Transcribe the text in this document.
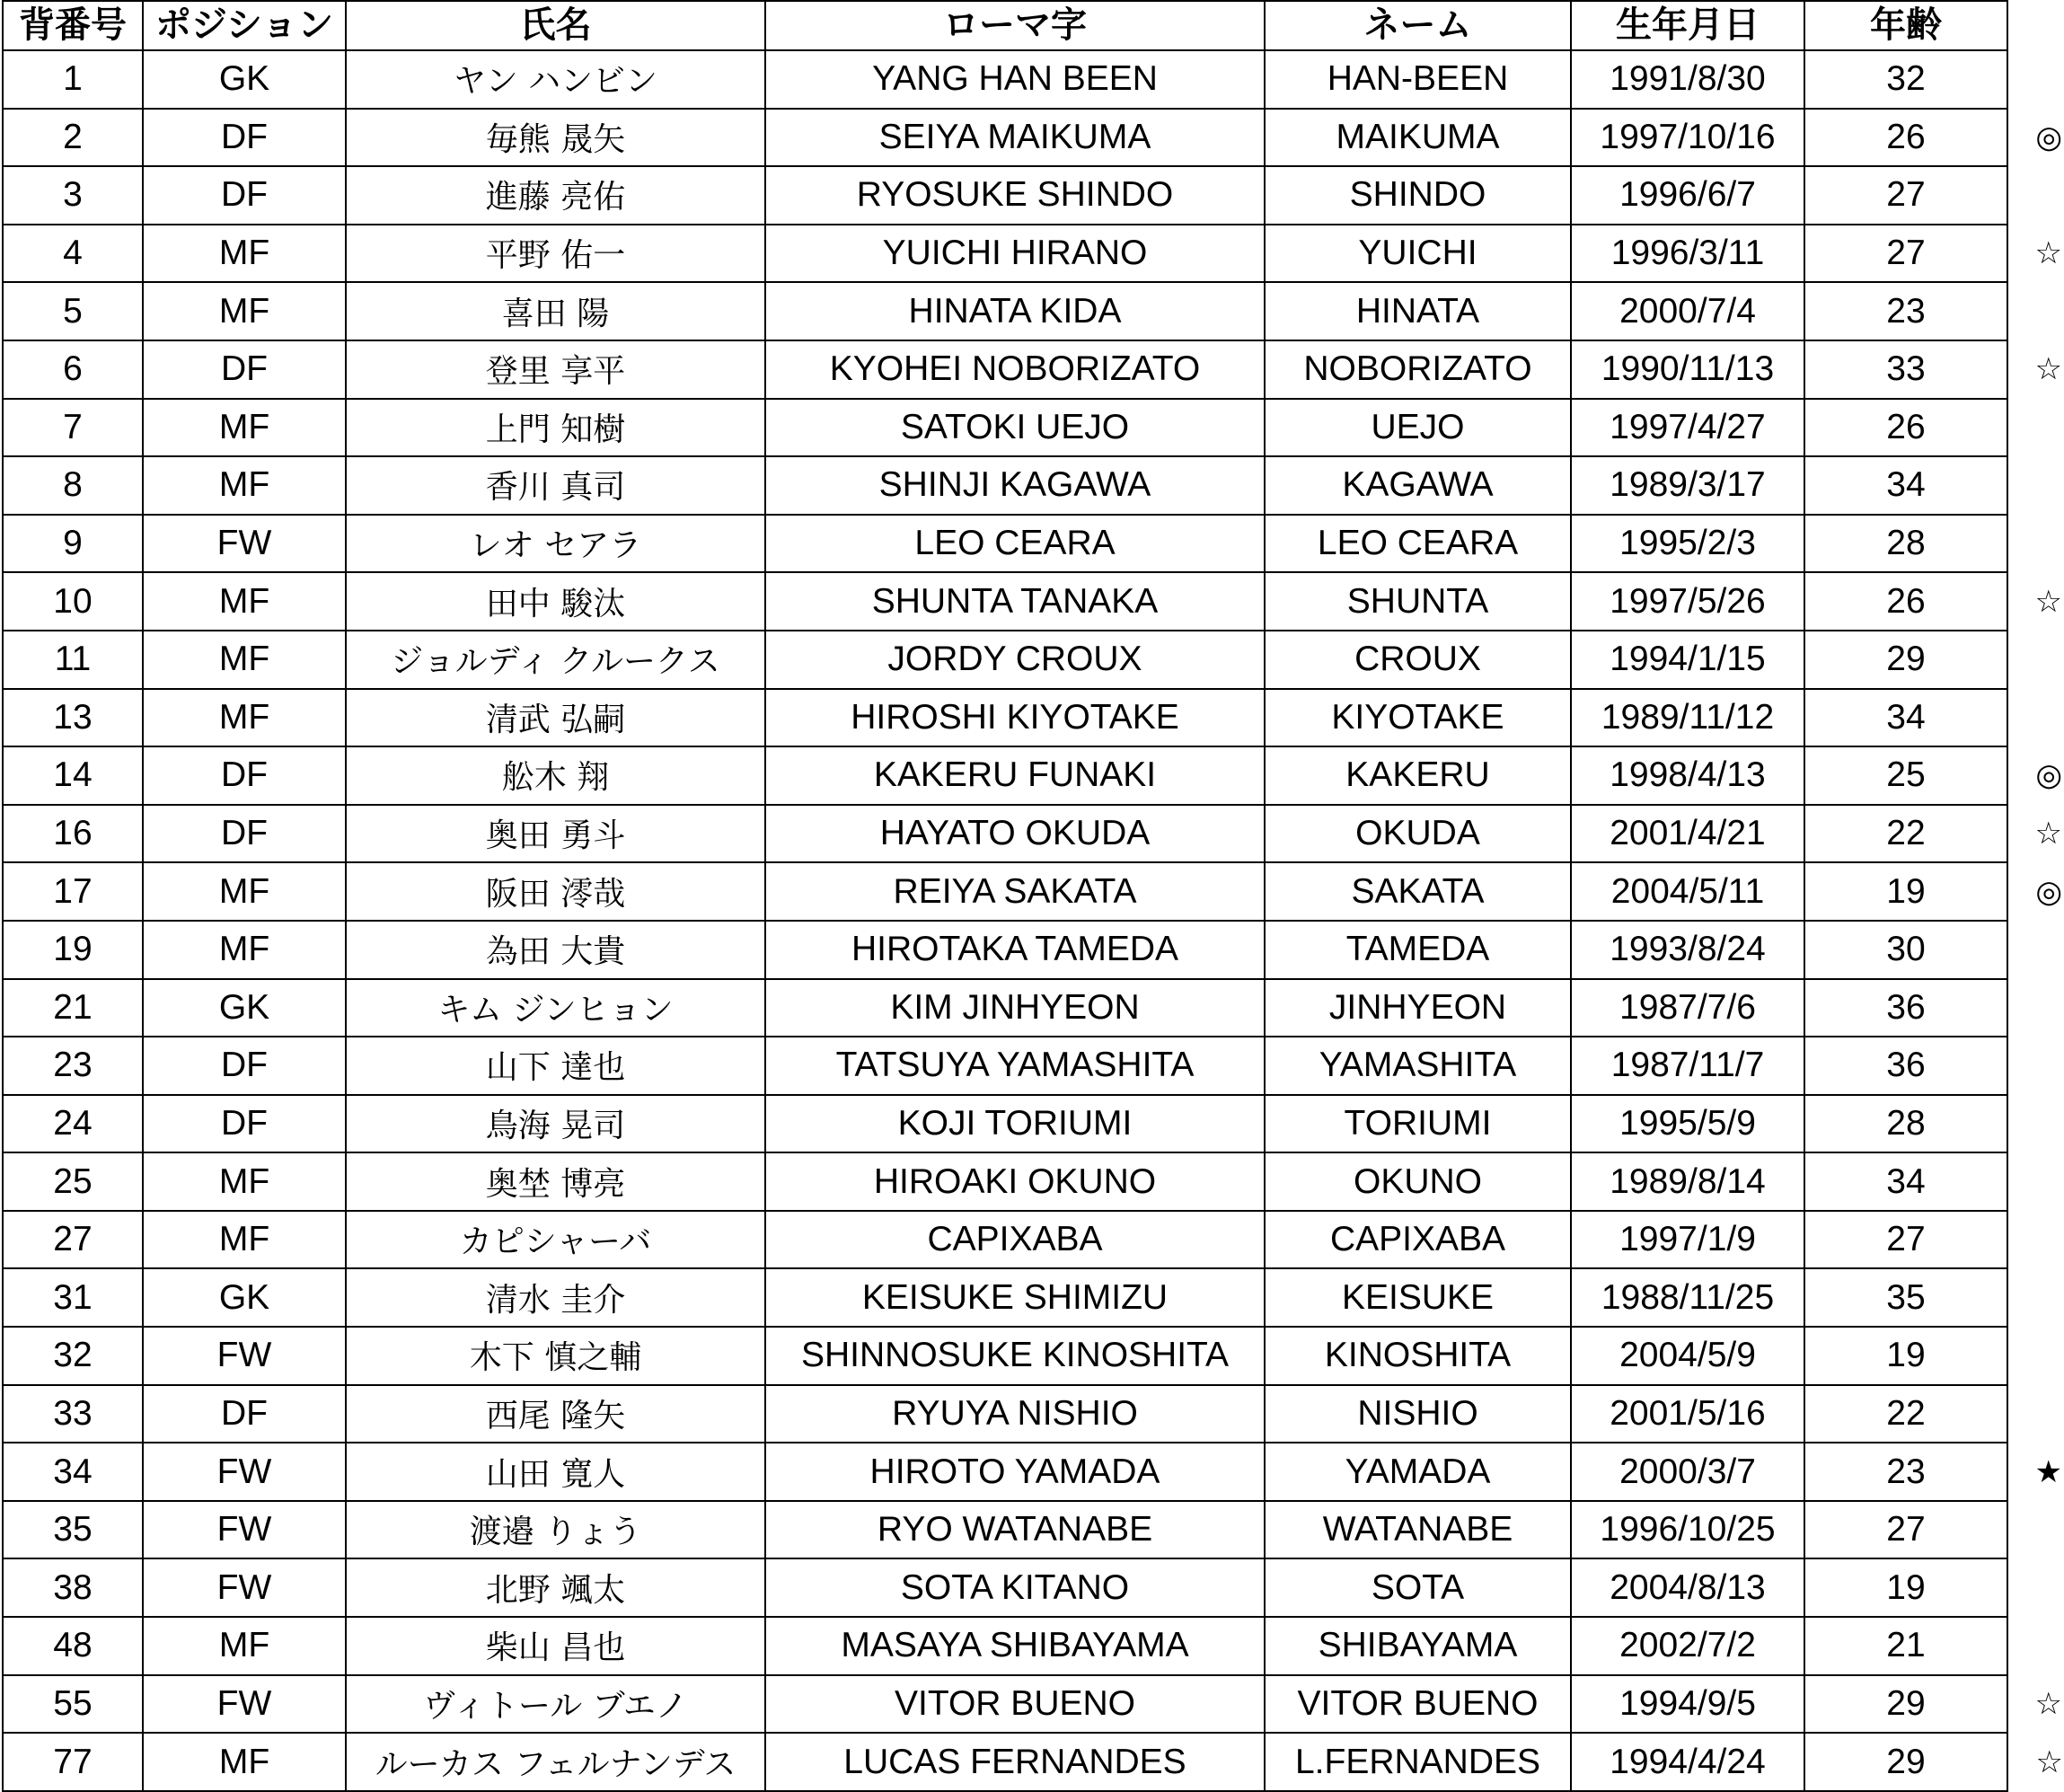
背番号	ポジション	氏名	ローマ字	ネーム	生年月日	年齢	
1	GK	ヤン ハンビン	YANG HAN BEEN	HAN-BEEN	1991/8/30	32	
2	DF	毎熊 晟矢	SEIYA MAIKUMA	MAIKUMA	1997/10/16	26	◎
3	DF	進藤 亮佑	RYOSUKE SHINDO	SHINDO	1996/6/7	27	
4	MF	平野 佑一	YUICHI HIRANO	YUICHI	1996/3/11	27	☆
5	MF	喜田 陽	HINATA KIDA	HINATA	2000/7/4	23	
6	DF	登里 享平	KYOHEI NOBORIZATO	NOBORIZATO	1990/11/13	33	☆
7	MF	上門 知樹	SATOKI UEJO	UEJO	1997/4/27	26	
8	MF	香川 真司	SHINJI KAGAWA	KAGAWA	1989/3/17	34	
9	FW	レオ セアラ	LEO CEARA	LEO CEARA	1995/2/3	28	
10	MF	田中 駿汰	SHUNTA TANAKA	SHUNTA	1997/5/26	26	☆
11	MF	ジョルディ クルークス	JORDY CROUX	CROUX	1994/1/15	29	
13	MF	清武 弘嗣	HIROSHI KIYOTAKE	KIYOTAKE	1989/11/12	34	
14	DF	舩木 翔	KAKERU FUNAKI	KAKERU	1998/4/13	25	◎
16	DF	奥田 勇斗	HAYATO OKUDA	OKUDA	2001/4/21	22	☆
17	MF	阪田 澪哉	REIYA SAKATA	SAKATA	2004/5/11	19	◎
19	MF	為田 大貴	HIROTAKA TAMEDA	TAMEDA	1993/8/24	30	
21	GK	キム ジンヒョン	KIM JINHYEON	JINHYEON	1987/7/6	36	
23	DF	山下 達也	TATSUYA YAMASHITA	YAMASHITA	1987/11/7	36	
24	DF	鳥海 晃司	KOJI TORIUMI	TORIUMI	1995/5/9	28	
25	MF	奥埜 博亮	HIROAKI OKUNO	OKUNO	1989/8/14	34	
27	MF	カピシャーバ	CAPIXABA	CAPIXABA	1997/1/9	27	
31	GK	清水 圭介	KEISUKE SHIMIZU	KEISUKE	1988/11/25	35	
32	FW	木下 慎之輔	SHINNOSUKE KINOSHITA	KINOSHITA	2004/5/9	19	
33	DF	西尾 隆矢	RYUYA NISHIO	NISHIO	2001/5/16	22	
34	FW	山田 寛人	HIROTO YAMADA	YAMADA	2000/3/7	23	★
35	FW	渡邉 りょう	RYO WATANABE	WATANABE	1996/10/25	27	
38	FW	北野 颯太	SOTA KITANO	SOTA	2004/8/13	19	
48	MF	柴山 昌也	MASAYA SHIBAYAMA	SHIBAYAMA	2002/7/2	21	
55	FW	ヴィトール ブエノ	VITOR BUENO	VITOR BUENO	1994/9/5	29	☆
77	MF	ルーカス フェルナンデス	LUCAS FERNANDES	L.FERNANDES	1994/4/24	29	☆
